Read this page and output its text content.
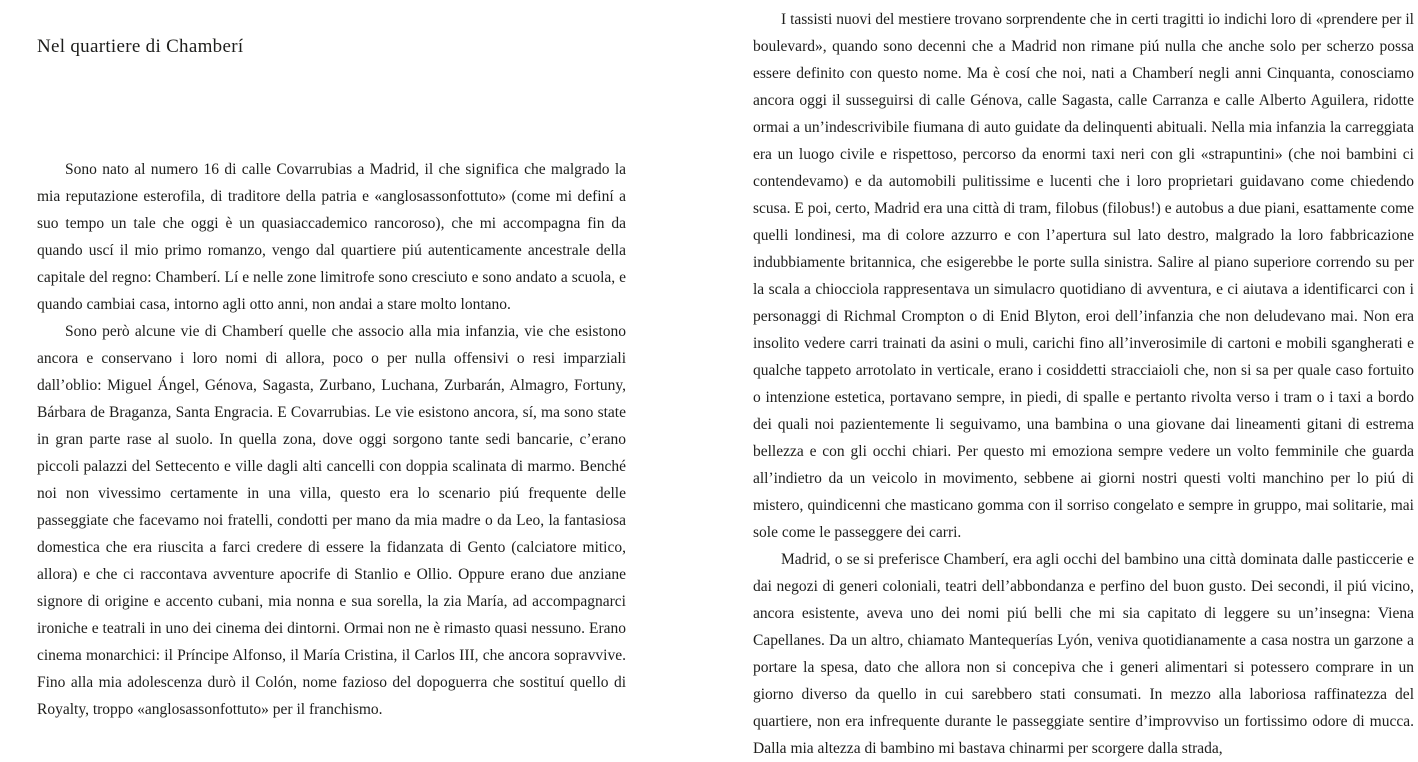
Nel quartiere di Chamberí

Sono nato al numero 16 di calle Covarrubias a Madrid, il che significa che malgrado la mia reputazione esterofila, di traditore della patria e «anglosassonfottuto» (come mi definí a suo tempo un tale che oggi è un quasiaccademico rancoroso), che mi accompagna fin da quando uscí il mio primo romanzo, vengo dal quartiere piú autenticamente ancestrale della capitale del regno: Chamberí. Lí e nelle zone limitrofe sono cresciuto e sono andato a scuola, e quando cambiai casa, intorno agli otto anni, non andai a stare molto lontano.

Sono però alcune vie di Chamberí quelle che associo alla mia infanzia, vie che esistono ancora e conservano i loro nomi di allora, poco o per nulla offensivi o resi imparziali dall’oblio: Miguel Ángel, Génova, Sagasta, Zurbano, Luchana, Zurbarán, Almagro, Fortuny, Bárbara de Braganza, Santa Engracia. E Covarrubias. Le vie esistono ancora, sí, ma sono state in gran parte rase al suolo. In quella zona, dove oggi sorgono tante sedi bancarie, c’erano piccoli palazzi del Settecento e ville dagli alti cancelli con doppia scalinata di marmo. Benché noi non vivessimo certamente in una villa, questo era lo scenario piú frequente delle passeggiate che facevamo noi fratelli, condotti per mano da mia madre o da Leo, la fantasiosa domestica che era riuscita a farci credere di essere la fidanzata di Gento (calciatore mitico, allora) e che ci raccontava avventure apocrife di Stanlio e Ollio. Oppure erano due anziane signore di origine e accento cubani, mia nonna e sua sorella, la zia María, ad accompagnarci ironiche e teatrali in uno dei cinema dei dintorni. Ormai non ne è rimasto quasi nessuno. Erano cinema monarchici: il Príncipe Alfonso, il María Cristina, il Carlos III, che ancora sopravvive. Fino alla mia adolescenza durò il Colón, nome fazioso del dopoguerra che sostituí quello di Royalty, troppo «anglosassonfottuto» per il franchismo.

I tassisti nuovi del mestiere trovano sorprendente che in certi tragitti io indichi loro di «prendere per il boulevard», quando sono decenni che a Madrid non rimane piú nulla che anche solo per scherzo possa essere definito con questo nome. Ma è cosí che noi, nati a Chamberí negli anni Cinquanta, conosciamo ancora oggi il susseguirsi di calle Génova, calle Sagasta, calle Carranza e calle Alberto Aguilera, ridotte ormai a un’indescrivibile fiumana di auto guidate da delinquenti abituali. Nella mia infanzia la carreggiata era un luogo civile e rispettoso, percorso da enormi taxi neri con gli «strapuntini» (che noi bambini ci contendevamo) e da automobili pulitissime e lucenti che i loro proprietari guidavano come chiedendo scusa. E poi, certo, Madrid era una città di tram, filobus (filobus!) e autobus a due piani, esattamente come quelli londinesi, ma di colore azzurro e con l’apertura sul lato destro, malgrado la loro fabbricazione indubbiamente britannica, che esigerebbe le porte sulla sinistra. Salire al piano superiore correndo su per la scala a chiocciola rappresentava un simulacro quotidiano di avventura, e ci aiutava a identificarci con i personaggi di Richmal Crompton o di Enid Blyton, eroi dell’infanzia che non deludevano mai. Non era insolito vedere carri trainati da asini o muli, carichi fino all’inverosimile di cartoni e mobili sgangherati e qualche tappeto arrotolato in verticale, erano i cosiddetti stracciaioli che, non si sa per quale caso fortuito o intenzione estetica, portavano sempre, in piedi, di spalle e pertanto rivolta verso i tram o i taxi a bordo dei quali noi pazientemente li seguivamo, una bambina o una giovane dai lineamenti gitani di estrema bellezza e con gli occhi chiari. Per questo mi emoziona sempre vedere un volto femminile che guarda all’indietro da un veicolo in movimento, sebbene ai giorni nostri questi volti manchino per lo piú di mistero, quindicenni che masticano gomma con il sorriso congelato e sempre in gruppo, mai solitarie, mai sole come le passeggere dei carri.

Madrid, o se si preferisce Chamberí, era agli occhi del bambino una città dominata dalle pasticcerie e dai negozi di generi coloniali, teatri dell’abbondanza e perfino del buon gusto. Dei secondi, il piú vicino, ancora esistente, aveva uno dei nomi piú belli che mi sia capitato di leggere su un’insegna: Viena Capellanes. Da un altro, chiamato Mantequerías Lyón, veniva quotidianamente a casa nostra un garzone a portare la spesa, dato che allora non si concepiva che i generi alimentari si potessero comprare in un giorno diverso da quello in cui sarebbero stati consumati. In mezzo alla laboriosa raffinatezza del quartiere, non era infrequente durante le passeggiate sentire d’improvviso un fortissimo odore di mucca. Dalla mia altezza di bambino mi bastava chinarmi per scorgere dalla strada,
